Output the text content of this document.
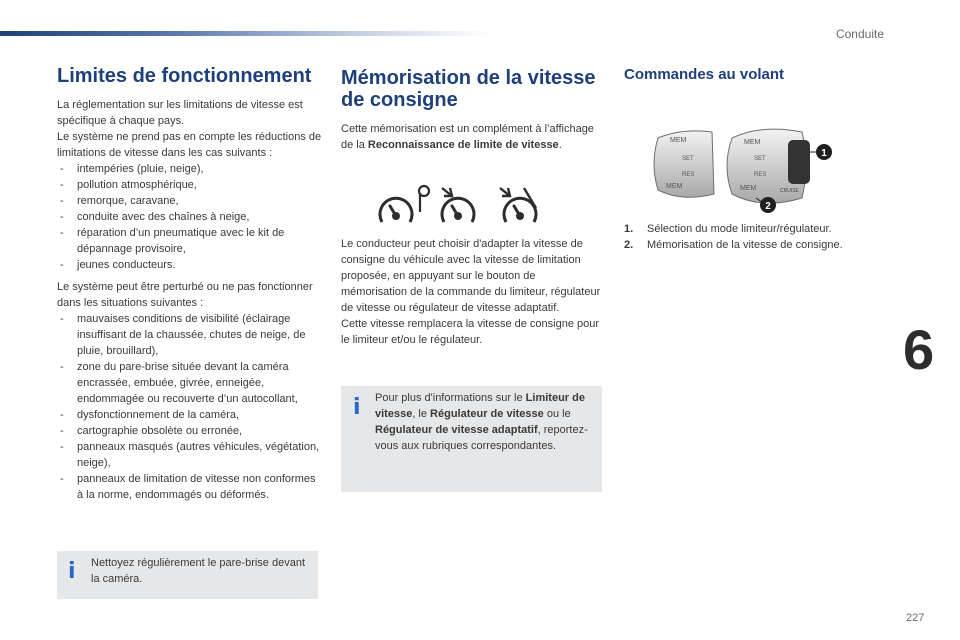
Conduite
6
Limites de fonctionnement

La réglementation sur les limitations de vitesse est spécifique à chaque pays.

Le système ne prend pas en compte les réductions de limitations de vitesse dans les cas suivants :

- intempéries (pluie, neige),
- pollution atmosphérique,
- remorque, caravane,
- conduite avec des chaînes à neige,
- réparation d’un pneumatique avec le kit de dépannage provisoire,
- jeunes conducteurs.

Le système peut être perturbé ou ne pas fonctionner dans les situations suivantes :

- mauvaises conditions de visibilité (éclairage insuffisant de la chaussée, chutes de neige, de pluie, brouillard),
- zone du pare-brise située devant la caméra encrassée, embuée, givrée, enneigée, endommagée ou recouverte d’un autocollant,
- dysfonctionnement de la caméra,
- cartographie obsolète ou erronée,
- panneaux masqués (autres véhicules, végétation, neige),
- panneaux de limitation de vitesse non conformes à la norme, endommagés ou déformés.
i Nettoyez régulièrement le pare-brise devant la caméra.
Mémorisation de la vitesse
de consigne

Cette mémorisation est un complément à l’affichage de la Reconnaissance de limite de vitesse.

Le conducteur peut choisir d'adapter la vitesse de consigne du véhicule avec la vitesse de limitation proposée, en appuyant sur le bouton de mémorisation de la commande du limiteur, régulateur de vitesse ou régulateur de vitesse adaptatif.

Cette vitesse remplacera la vitesse de consigne pour le limiteur et/ou le régulateur.

i Pour plus d'informations sur le Limiteur de vitesse, le Régulateur de vitesse ou le Régulateur de vitesse adaptatif, reportez-vous aux rubriques correspondantes.
Commandes au volant
MEM
SET
RES
MEM
MEM
SET
RES
CRUISE
MEM
1
2
1. Sélection du mode limiteur/régulateur.
2. Mémorisation de la vitesse de consigne.
227
